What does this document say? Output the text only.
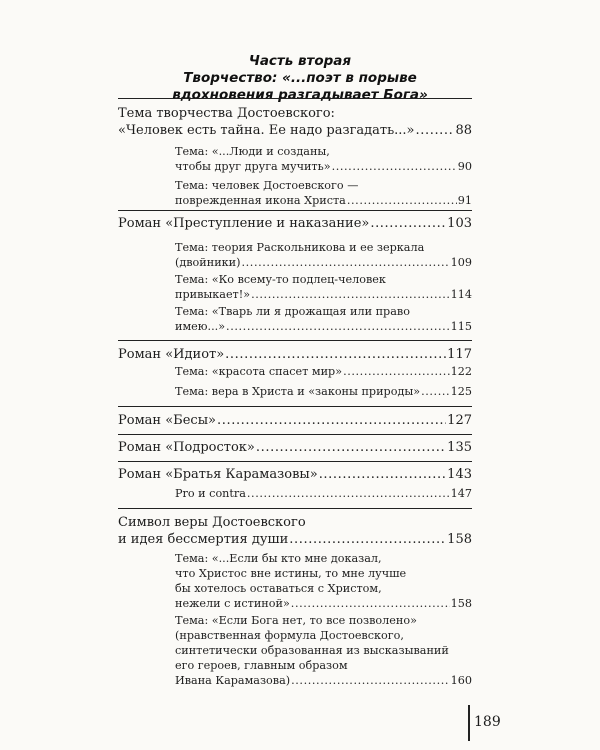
Часть вторая
Творчество: «...поэт в порыве
вдохновения разгадывает Бога»
Тема творчества Достоевского:
«Человек есть тайна. Ее надо разгадать...» .....	88
Тема: «...Люди и созданы,
чтобы друг друга мучить» .....	90
Тема: человек Достоевского —
поврежденная икона Христа .....	91
Роман «Преступление и наказание» .....	103
Тема: теория Раскольникова и ее зеркала
(двойники) .....	109
Тема: «Ко всему-то подлец-человек
привыкает!» .....	114
Тема: «Тварь ли я дрожащая или право
имею...» .....	115
Роман «Идиот» .....	117
Тема: «красота спасет мир» .....	122
Тема: вера в Христа и «законы природы» .....	125
Роман «Бесы» .....	127
Роман «Подросток» .....	135
Роман «Братья Карамазовы» .....	143
Pro и contra .....	147
Символ веры Достоевского
и идея бессмертия души .....	158
Тема: «...Если бы кто мне доказал,
что Христос вне истины, то мне лучше
бы хотелось оставаться с Христом,
нежели с истиной» .....	158
Тема: «Если Бога нет, то все позволено»
(нравственная формула Достоевского,
синтетически образованная из высказываний
его героев, главным образом
Ивана Карамазова) .....	160
189
